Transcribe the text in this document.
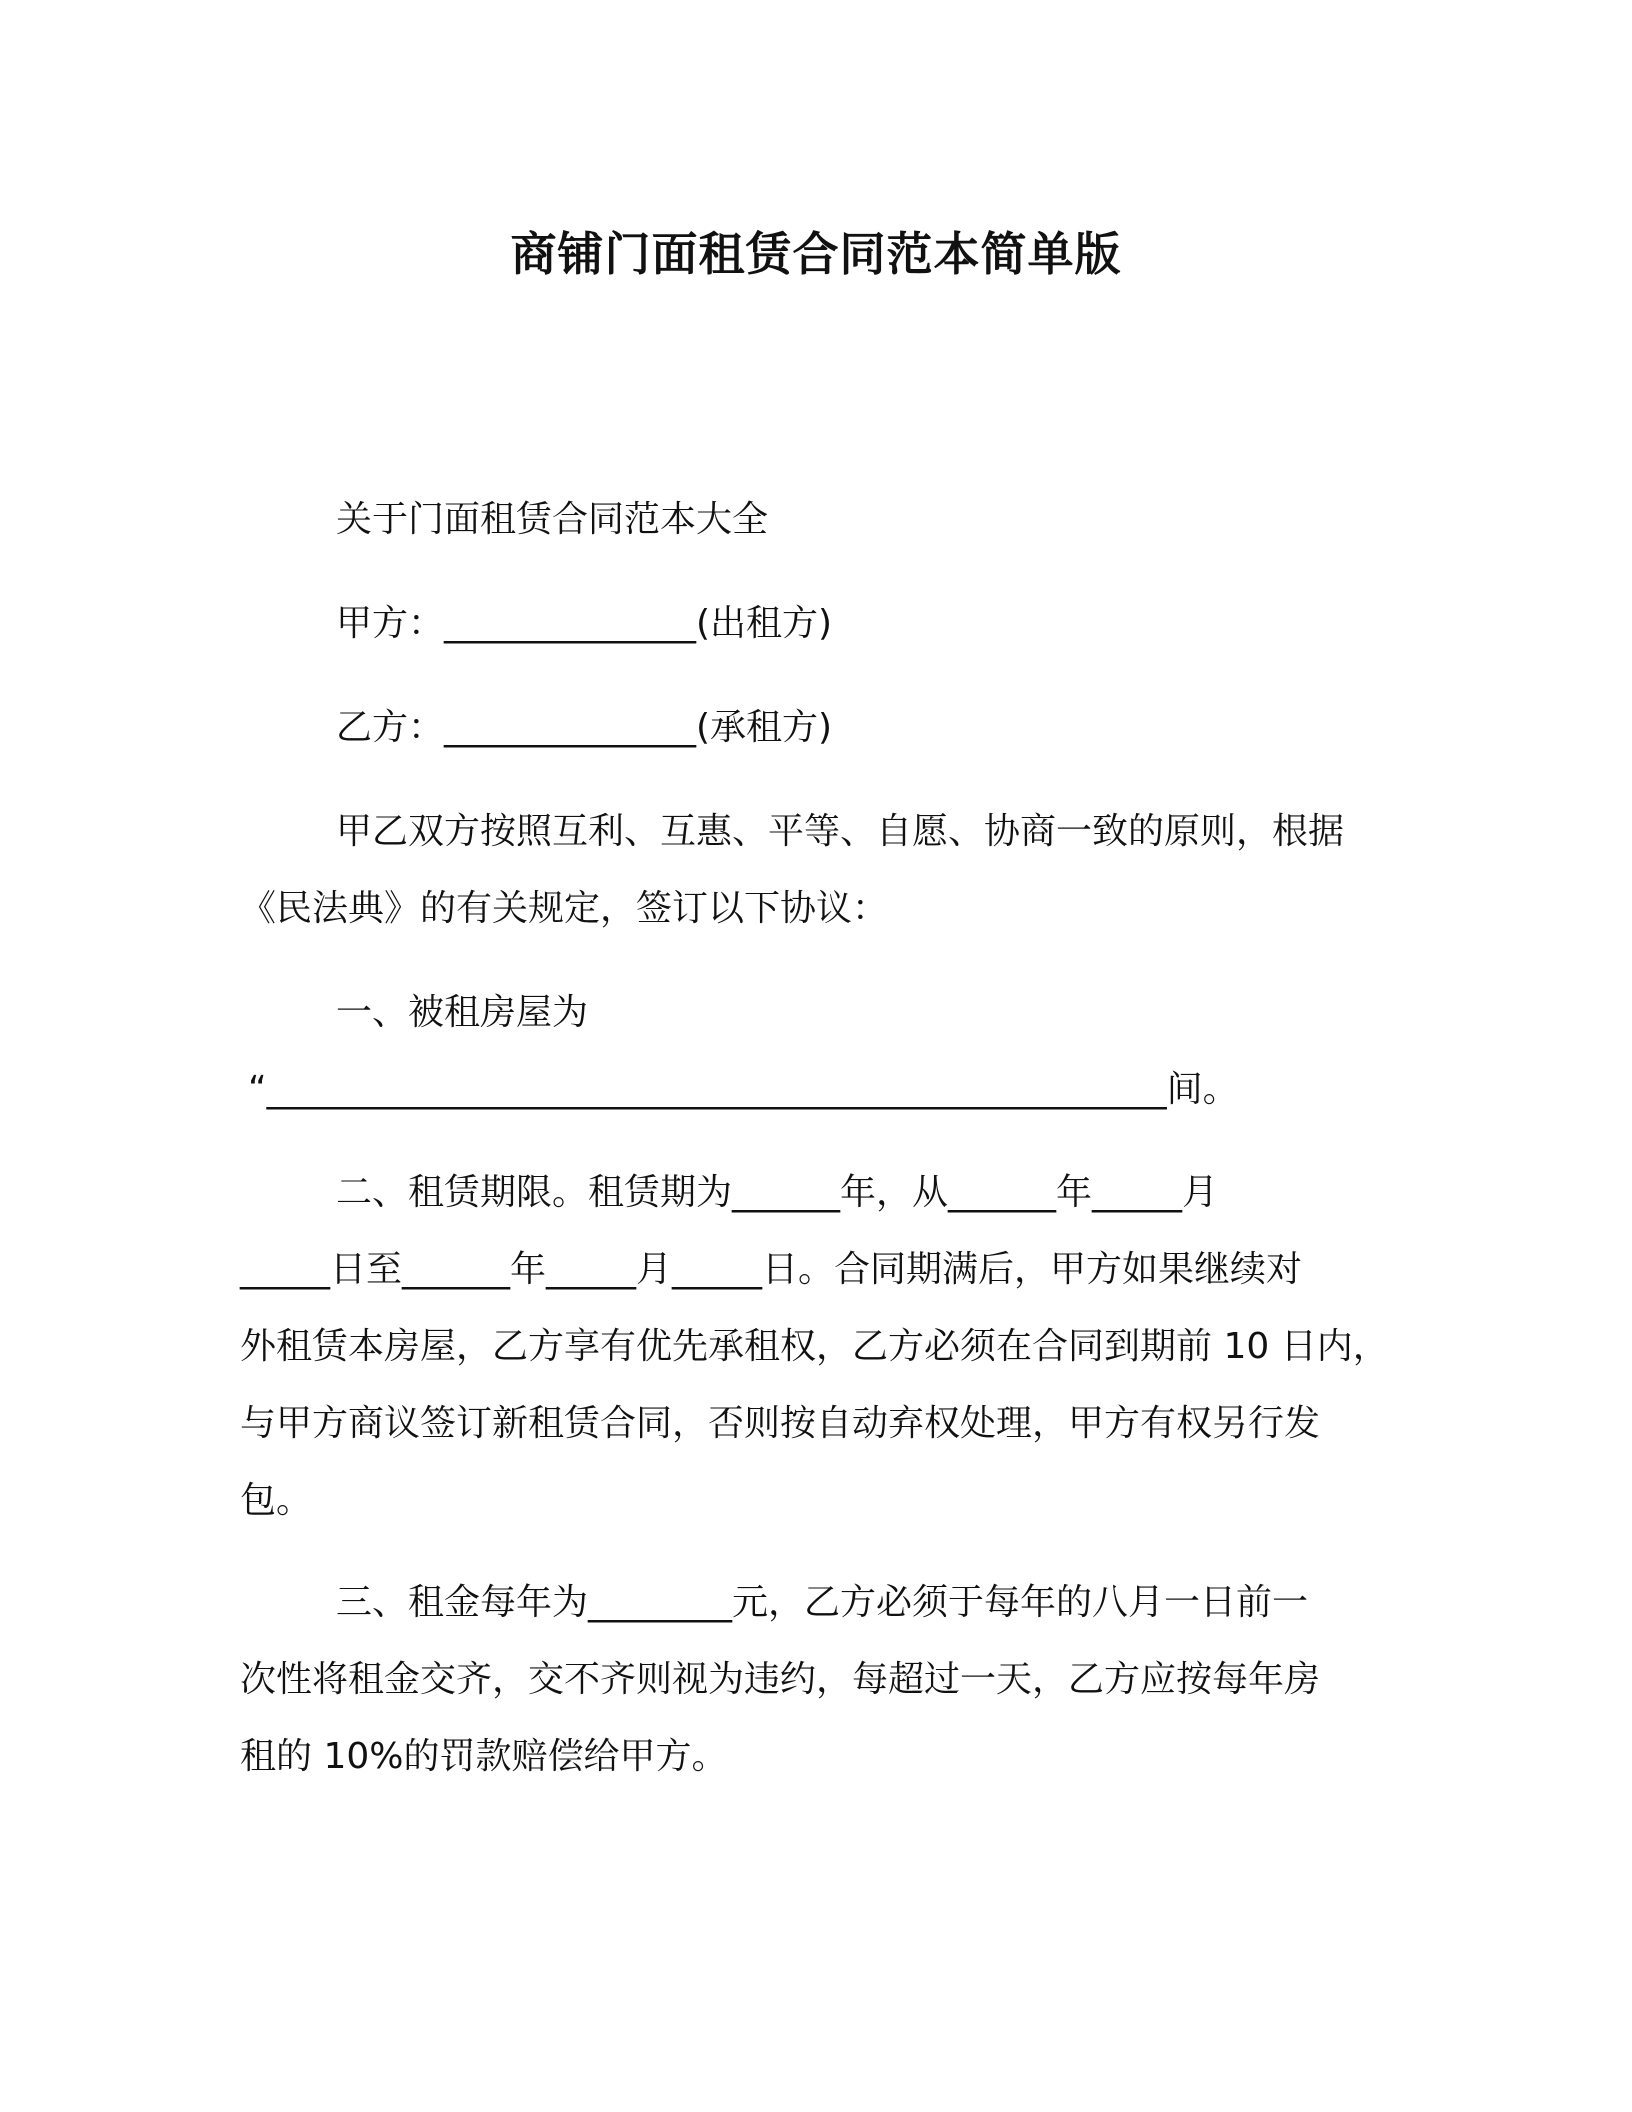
商铺门面租赁合同范本简单版
关于门面租赁合同范本大全
甲方：______________(出租方)
乙方：______________(承租方)
甲乙双方按照互利、互惠、平等、自愿、协商一致的原则，根据
《民法典》的有关规定，签订以下协议：
一、被租房屋为
“__________________________________________________间。
二、租赁期限。租赁期为______年，从______年_____月
_____日至______年_____月_____日。合同期满后，甲方如果继续对
外租赁本房屋，乙方享有优先承租权，乙方必须在合同到期前 10 日内，
与甲方商议签订新租赁合同，否则按自动弃权处理，甲方有权另行发
包。
三、租金每年为________元，乙方必须于每年的八月一日前一
次性将租金交齐，交不齐则视为违约，每超过一天，乙方应按每年房
租的 10%的罚款赔偿给甲方。
